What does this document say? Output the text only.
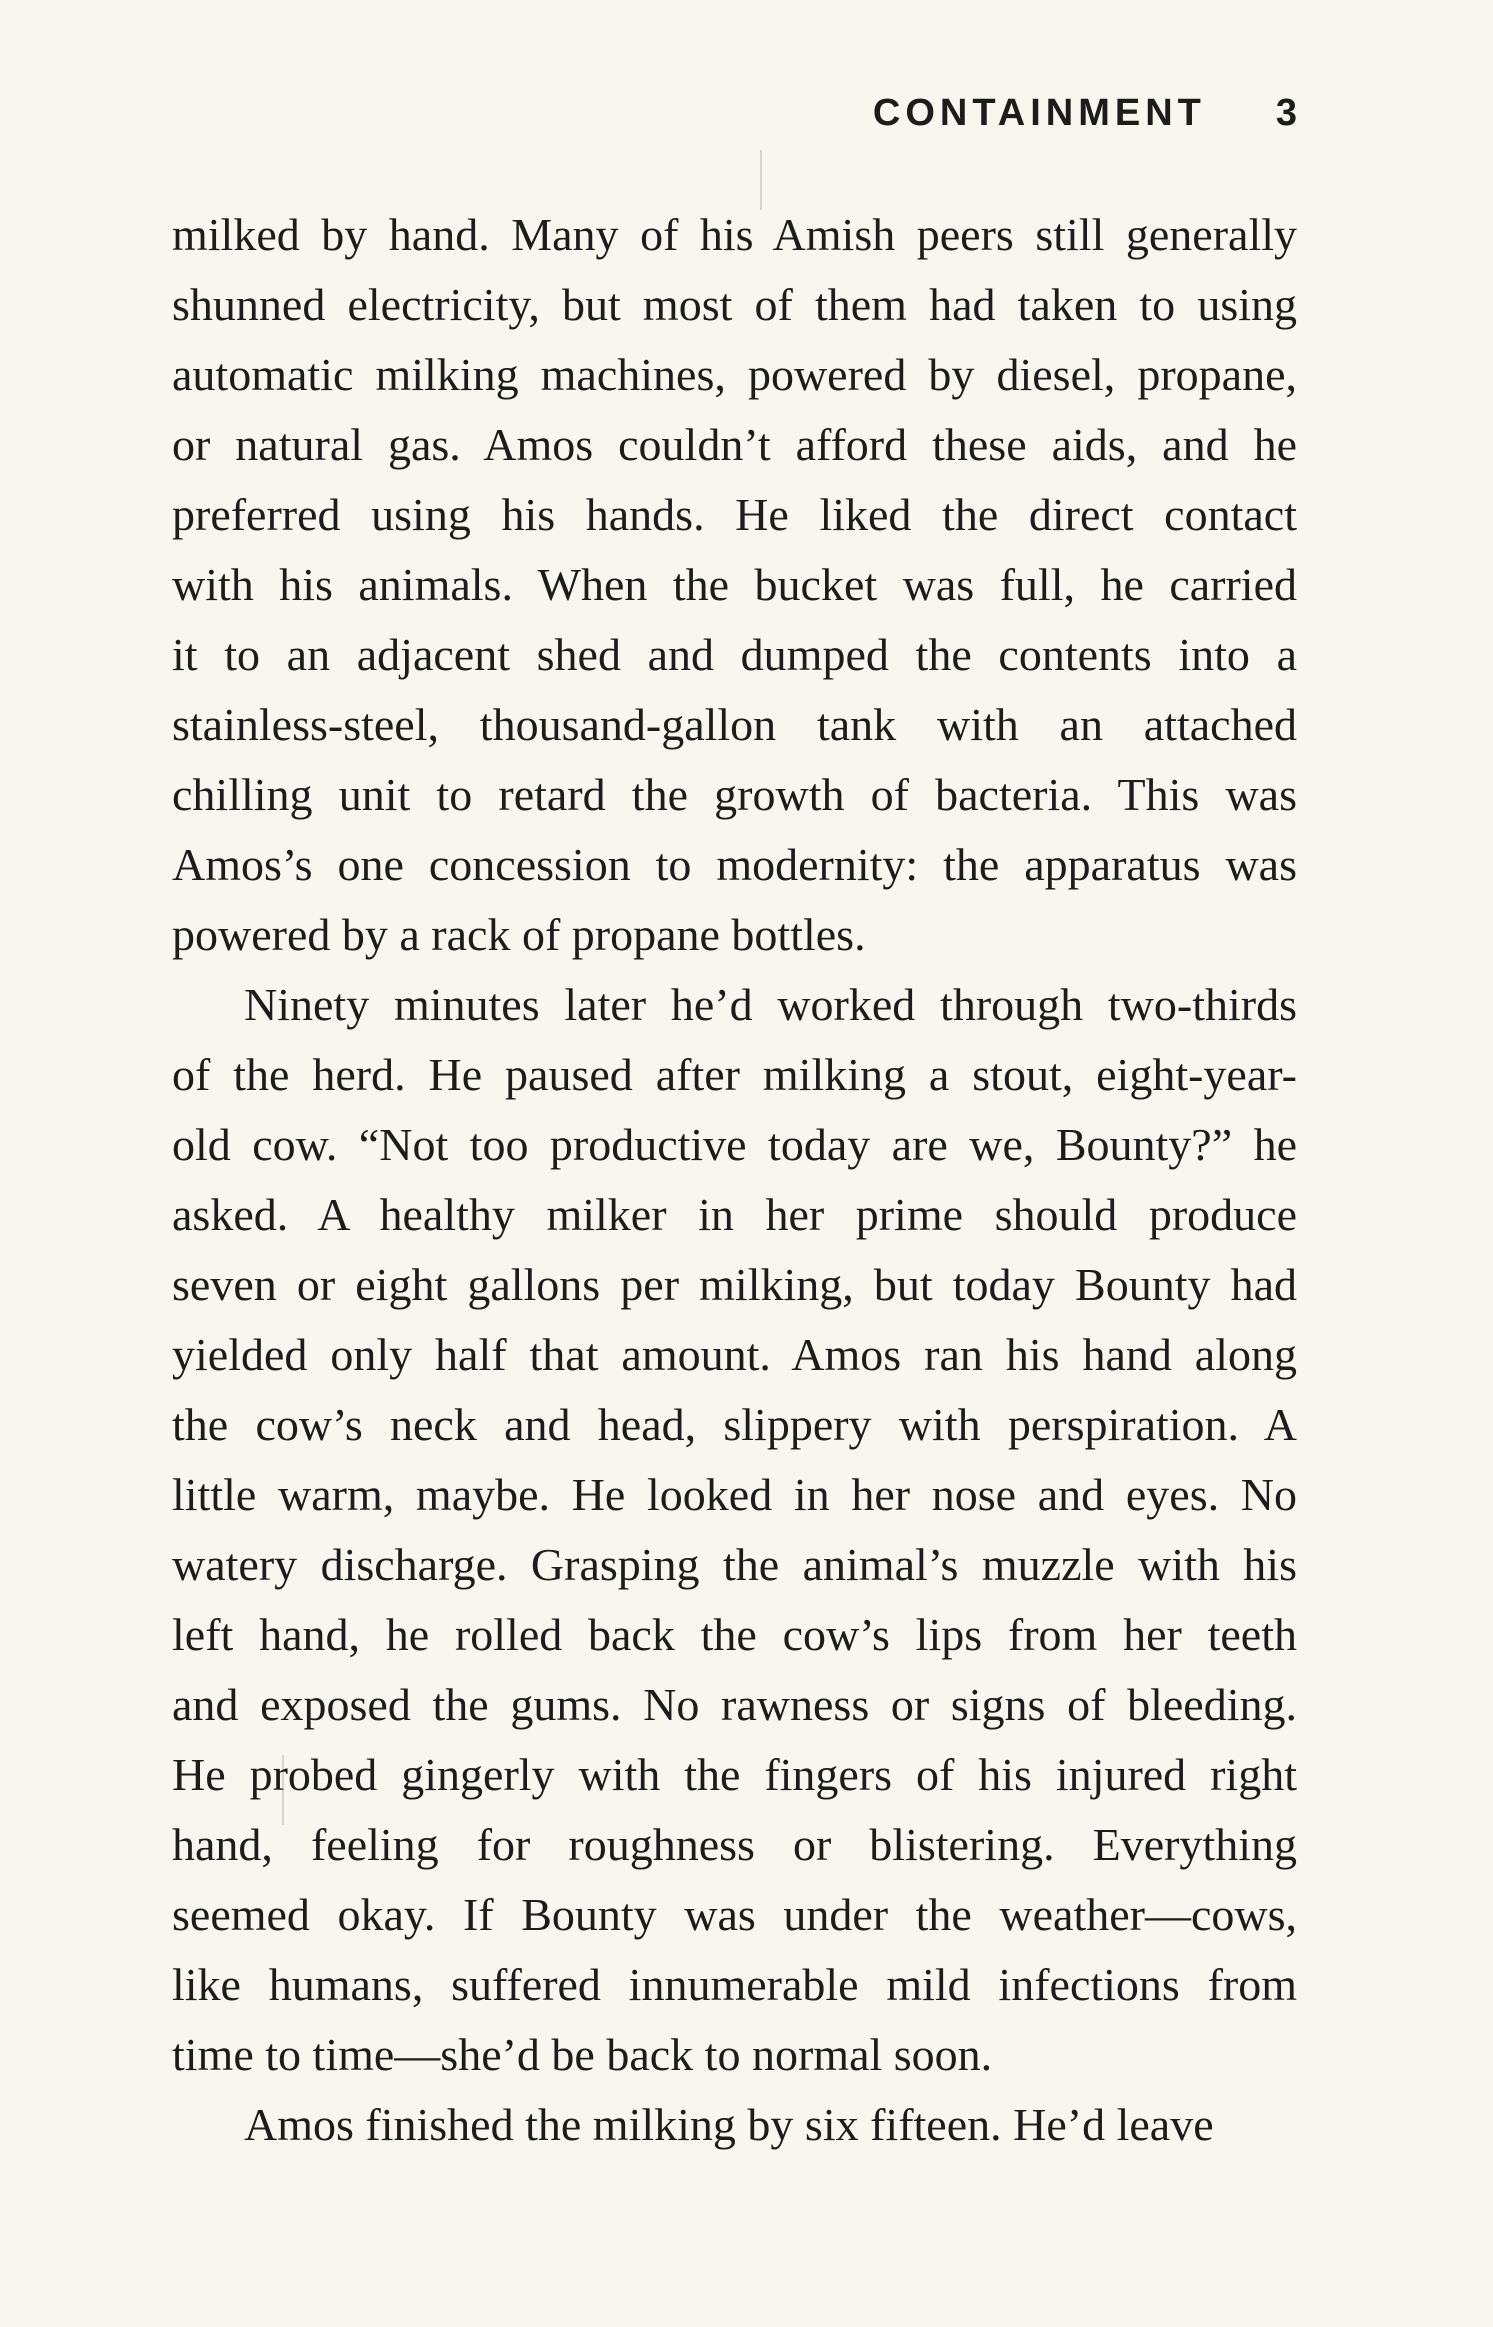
CONTAINMENT 3
milked by hand. Many of his Amish peers still generally
shunned electricity, but most of them had taken to using
automatic milking machines, powered by diesel, propane,
or natural gas. Amos couldn’t afford these aids, and he
preferred using his hands. He liked the direct contact
with his animals. When the bucket was full, he carried
it to an adjacent shed and dumped the contents into a
stainless-steel, thousand-gallon tank with an attached
chilling unit to retard the growth of bacteria. This was
Amos’s one concession to modernity: the apparatus was
powered by a rack of propane bottles.
Ninety minutes later he’d worked through two-thirds
of the herd. He paused after milking a stout, eight-year-
old cow. “Not too productive today are we, Bounty?” he
asked. A healthy milker in her prime should produce
seven or eight gallons per milking, but today Bounty had
yielded only half that amount. Amos ran his hand along
the cow’s neck and head, slippery with perspiration. A
little warm, maybe. He looked in her nose and eyes. No
watery discharge. Grasping the animal’s muzzle with his
left hand, he rolled back the cow’s lips from her teeth
and exposed the gums. No rawness or signs of bleeding.
He probed gingerly with the fingers of his injured right
hand, feeling for roughness or blistering. Everything
seemed okay. If Bounty was under the weather—cows,
like humans, suffered innumerable mild infections from
time to time—she’d be back to normal soon.
Amos finished the milking by six fifteen. He’d leave
